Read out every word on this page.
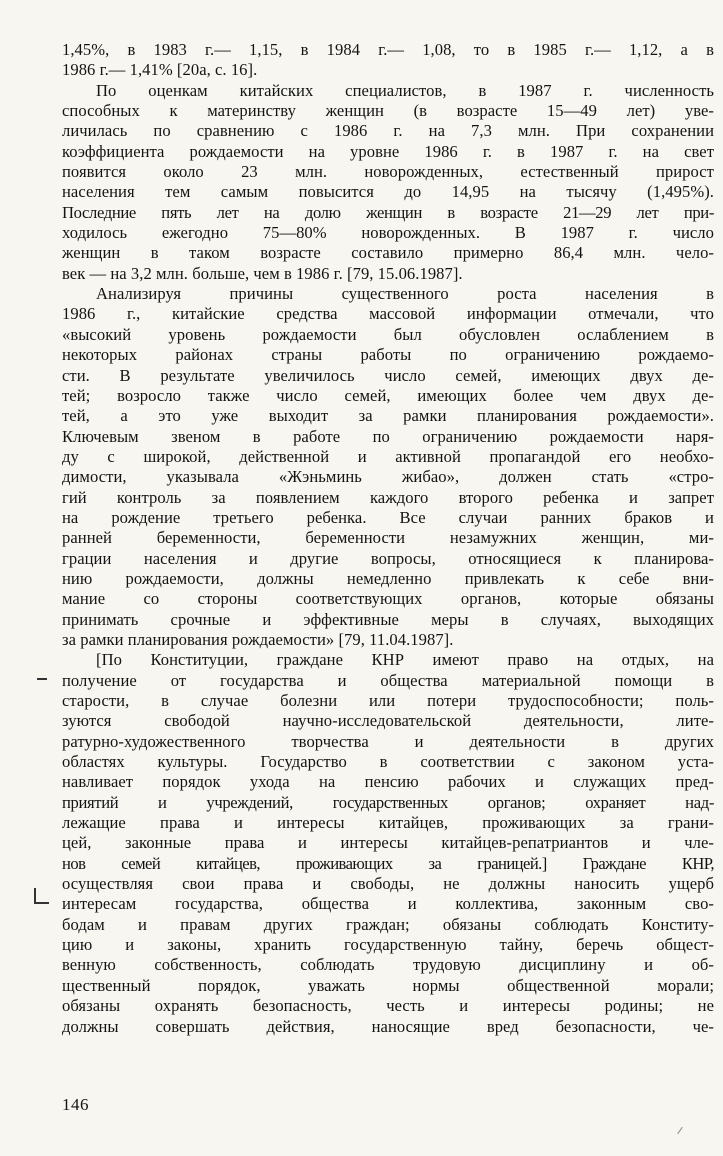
1,45%, в 1983 г.— 1,15, в 1984 г.— 1,08, то в 1985 г.— 1,12, а в
1986 г.— 1,41% [20а, с. 16].
По оценкам китайских специалистов, в 1987 г. численность
способных к материнству женщин (в возрасте 15—49 лет) уве-
личилась по сравнению с 1986 г. на 7,3 млн. При сохранении
коэффициента рождаемости на уровне 1986 г. в 1987 г. на свет
появится около 23 млн. новорожденных, естественный прирост
населения тем самым повысится до 14,95 на тысячу (1,495%).
Последние пять лет на долю женщин в возрасте 21—29 лет при-
ходилось ежегодно 75—80% новорожденных. В 1987 г. число
женщин в таком возрасте составило примерно 86,4 млн. чело-
век — на 3,2 млн. больше, чем в 1986 г. [79, 15.06.1987].
Анализируя причины существенного роста населения в
1986 г., китайские средства массовой информации отмечали, что
«высокий уровень рождаемости был обусловлен ослаблением в
некоторых районах страны работы по ограничению рождаемо-
сти. В результате увеличилось число семей, имеющих двух де-
тей; возросло также число семей, имеющих более чем двух де-
тей, а это уже выходит за рамки планирования рождаемости».
Ключевым звеном в работе по ограничению рождаемости наря-
ду с широкой, действенной и активной пропагандой его необхо-
димости, указывала «Жэньминь жибао», должен стать «стро-
гий контроль за появлением каждого второго ребенка и запрет
на рождение третьего ребенка. Все случаи ранних браков и
ранней беременности, беременности незамужних женщин, ми-
грации населения и другие вопросы, относящиеся к планирова-
нию рождаемости, должны немедленно привлекать к себе вни-
мание со стороны соответствующих органов, которые обязаны
принимать срочные и эффективные меры в случаях, выходящих
за рамки планирования рождаемости» [79, 11.04.1987].
[По Конституции, граждане КНР имеют право на отдых, на
получение от государства и общества материальной помощи в
старости, в случае болезни или потери трудоспособности; поль-
зуются свободой научно-исследовательской деятельности, лите-
ратурно-художественного творчества и деятельности в других
областях культуры. Государство в соответствии с законом уста-
навливает порядок ухода на пенсию рабочих и служащих пред-
приятий и учреждений, государственных органов; охраняет над-
лежащие права и интересы китайцев, проживающих за грани-
цей, законные права и интересы китайцев-репатриантов и чле-
нов семей китайцев, проживающих за границей.] Граждане КНР,
осуществляя свои права и свободы, не должны наносить ущерб
интересам государства, общества и коллектива, законным сво-
бодам и правам других граждан; обязаны соблюдать Конститу-
цию и законы, хранить государственную тайну, беречь общест-
венную собственность, соблюдать трудовую дисциплину и об-
щественный порядок, уважать нормы общественной морали;
обязаны охранять безопасность, честь и интересы родины; не
должны совершать действия, наносящие вред безопасности, че-
146
